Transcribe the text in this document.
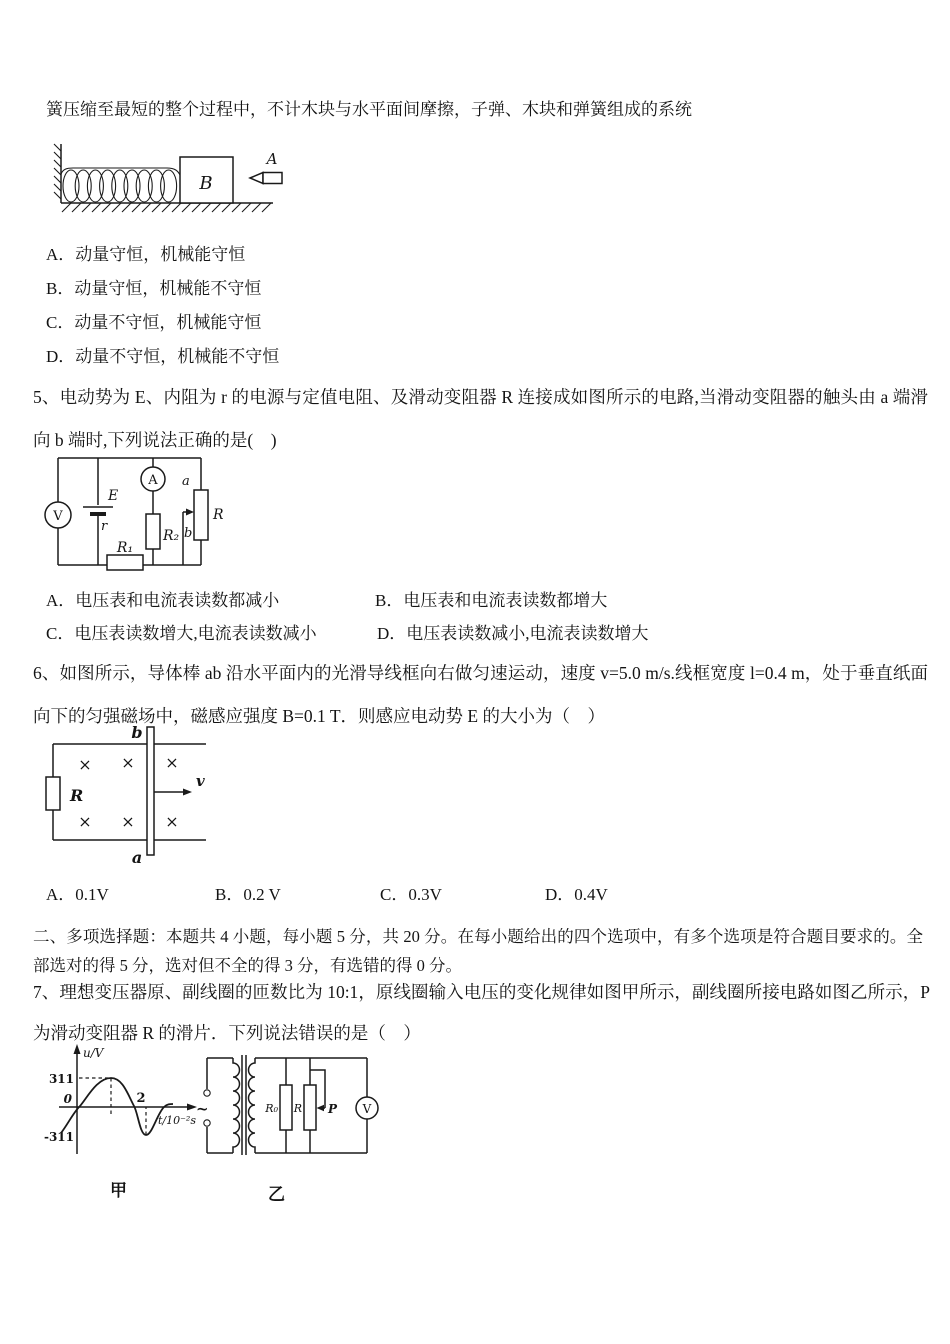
簧压缩至最短的整个过程中，不计木块与水平面间摩擦，子弹、木块和弹簧组成的系统
B
A
A．动量守恒，机械能守恒
B．动量守恒，机械能不守恒
C．动量不守恒，机械能守恒
D．动量不守恒，机械能不守恒
5、电动势为 E、内阻为 r 的电源与定值电阻、及滑动变阻器 R 连接成如图所示的电路,当滑动变阻器的触头由 a 端滑向 b 端时,下列说法正确的是(　)
V
E
r
A
R₂
R
a
b
R₁
A．电压表和电流表读数都减小	B．电压表和电流表读数都增大
C．电压表读数增大,电流表读数减小	D．电压表读数减小,电流表读数增大
6、如图所示，导体棒 ab 沿水平面内的光滑导线框向右做匀速运动，速度 v=5.0 m/s.线框宽度 l=0.4 m，处于垂直纸面向下的匀强磁场中，磁感应强度 B=0.1 T．则感应电动势 E 的大小为（　）
R
× × ×
× × ×
b
a
v
A．0.1V	B．0.2 V	C．0.3V	D．0.4V
二、多项选择题：本题共 4 小题，每小题 5 分，共 20 分。在每小题给出的四个选项中，有多个选项是符合题目要求的。全部选对的得 5 分，选对但不全的得 3 分，有选错的得 0 分。
7、理想变压器原、副线圈的匝数比为 10:1，原线圈输入电压的变化规律如图甲所示，副线圈所接电路如图乙所示，P 为滑动变阻器 R 的滑片．下列说法错误的是（　）
u/V
311
-311
0	2
t/10⁻²s
~	R₀ R P V
甲	乙
